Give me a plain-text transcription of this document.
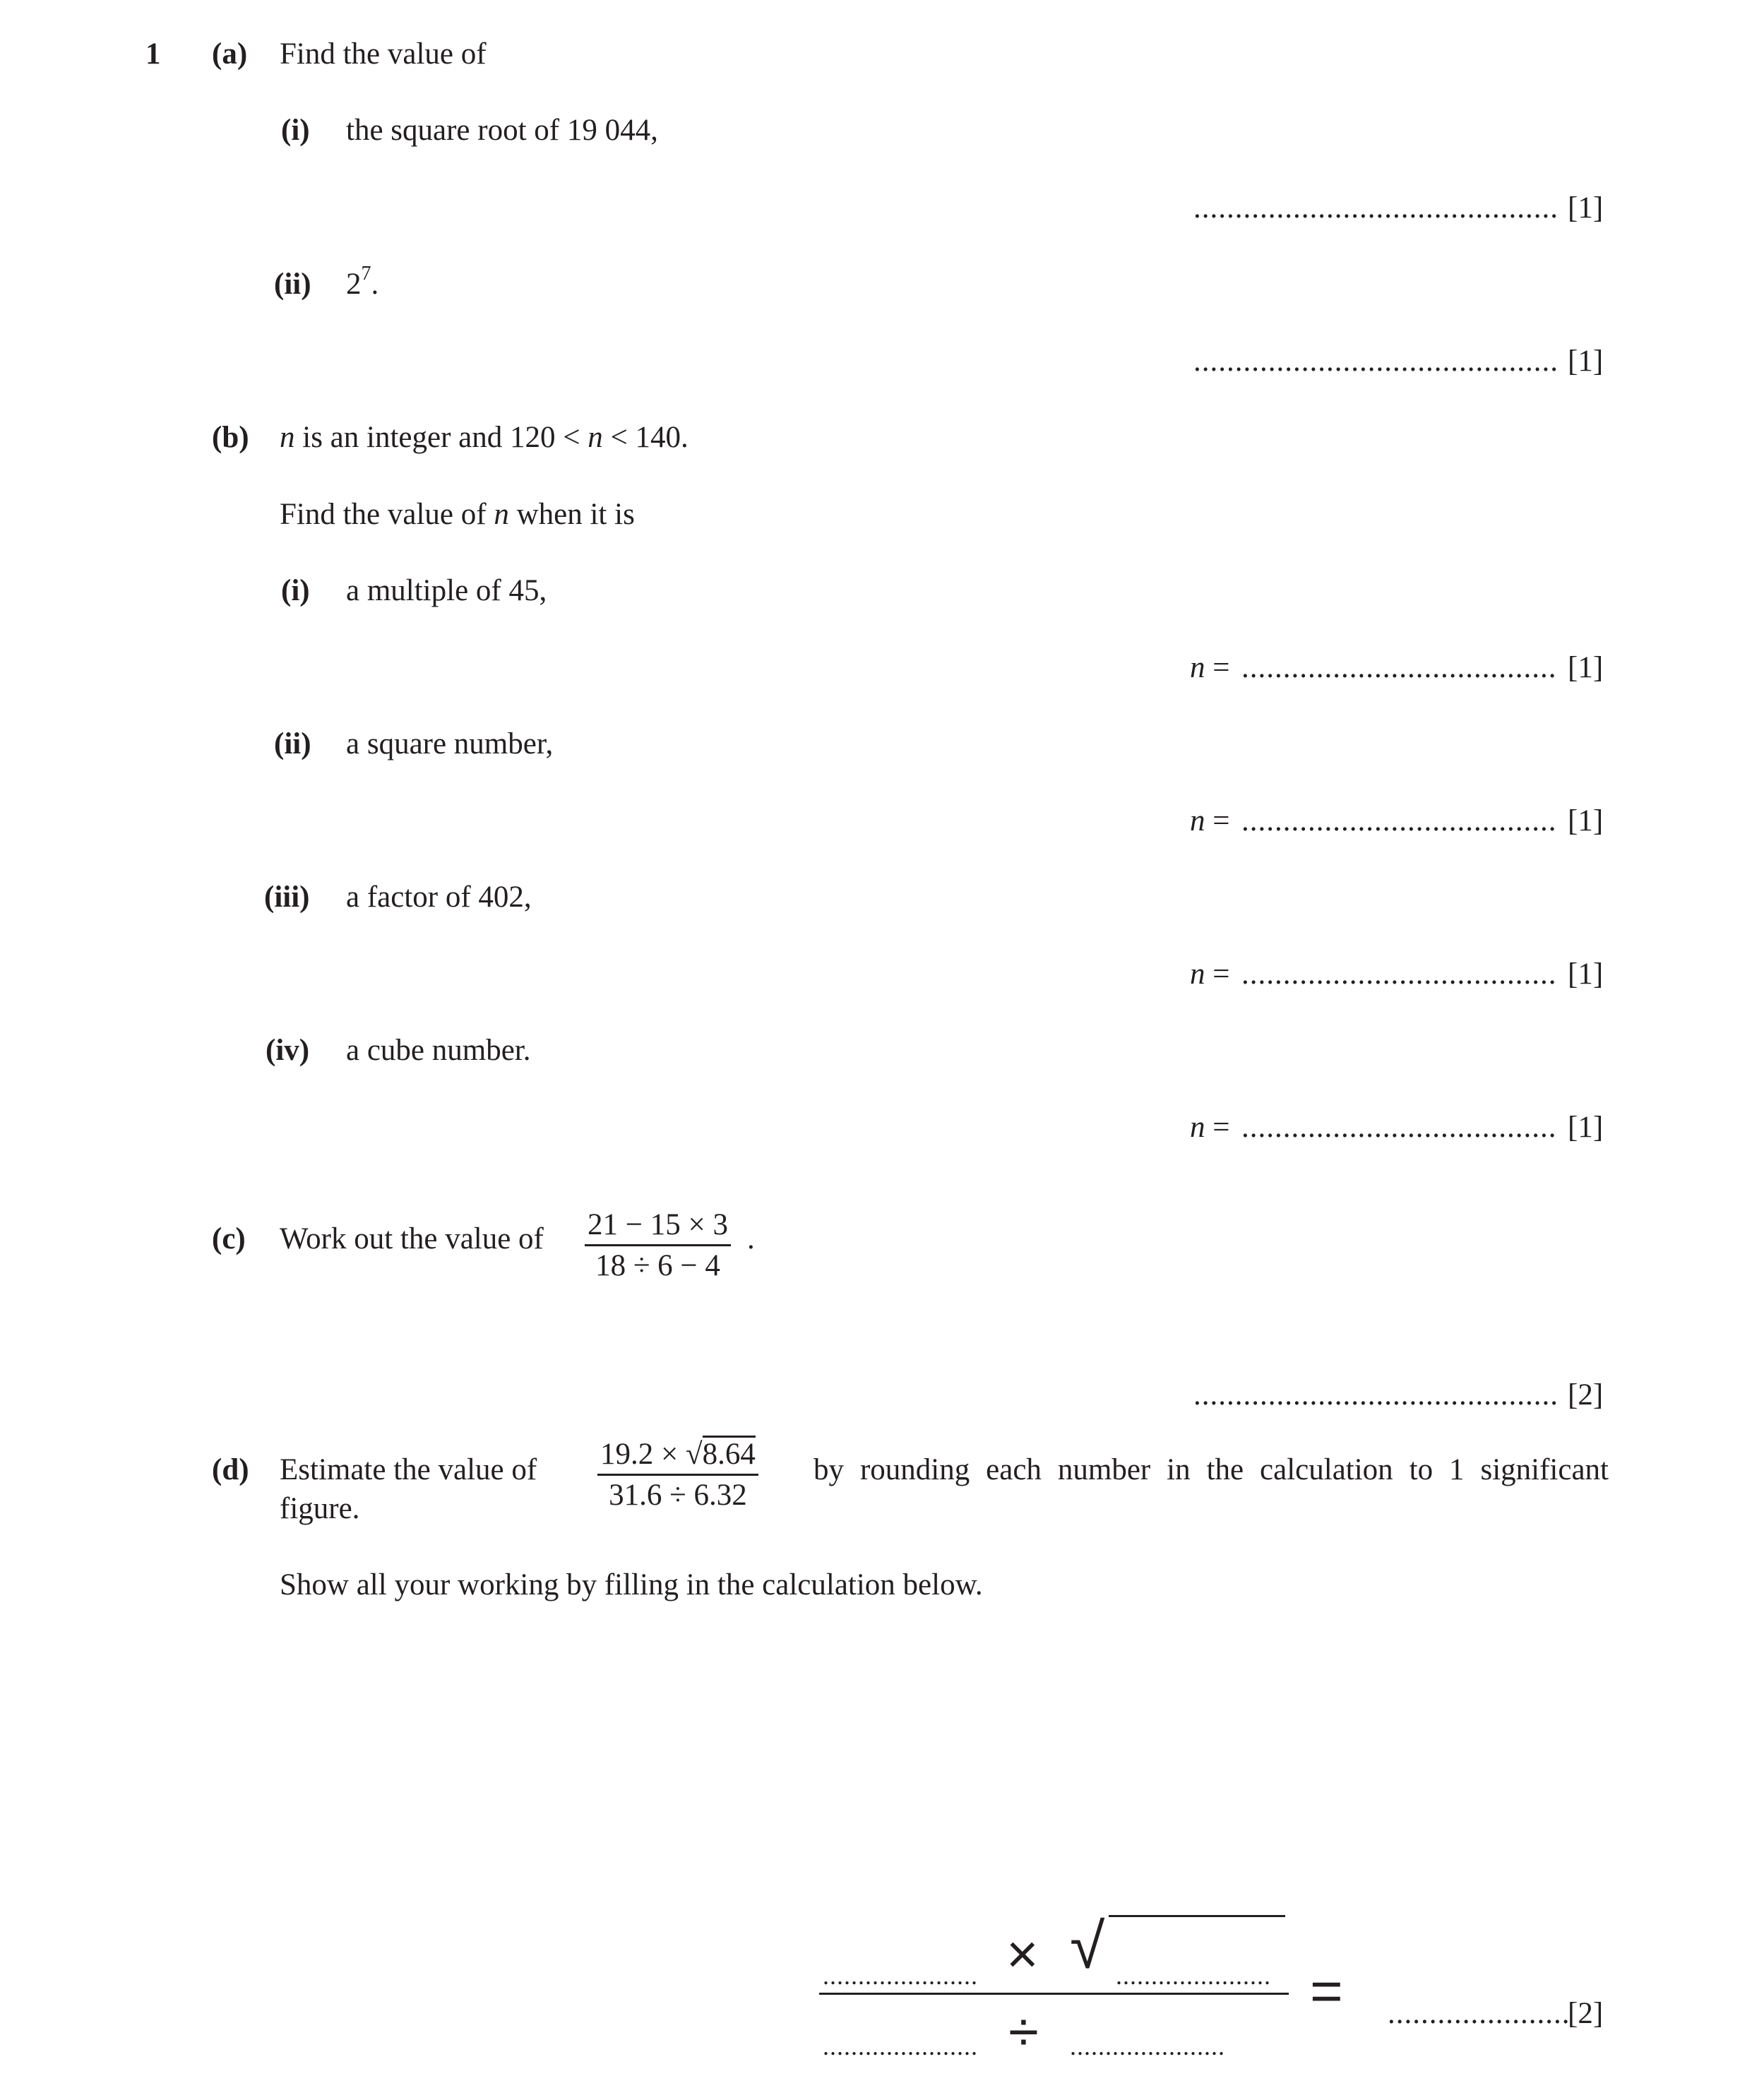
1 (a) Find the value of
(i) the square root of 19 044,
............................................ [1]
(ii) $2^7$.
............................................ [1]
(b) n is an integer and 120 < n < 140.
Find the value of n when it is
(i) a multiple of 45,
n = ...................................... [1]
(ii) a square number,
n = ...................................... [1]
(iii) a factor of 402,
n = ...................................... [1]
(iv) a cube number.
n = ...................................... [1]
(c) Work out the value of $\frac{21 - 15 \times 3}{18 \div 6 - 4}$ .
............................................ [2]
(d) Estimate the value of $\frac{19.2 \times √8.64}{31.6 \div 6.32}$ by rounding each number in the calculation to 1 significant
figure.
Show all your working by filling in the calculation below.
...................... × √ ......................
...................... ÷ ......................
= ......................
[2]
